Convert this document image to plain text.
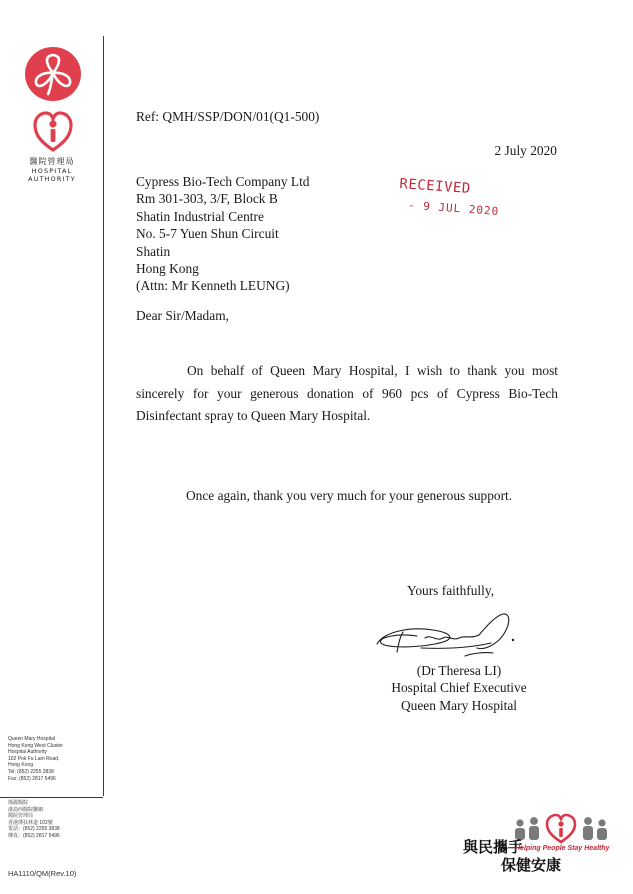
醫院管理局
HOSPITAL
AUTHORITY
Queen Mary Hospital
Hong Kong West Cluster
Hospital Authority
102 Pok Fu Lam Road,
Hong Kong
Tel: (852) 2255 3838
Fax: (852) 2817 5496
瑪麗醫院
港島西醫院聯網
醫院管理局
香港薄扶林道 102號
電話：(852) 2255 3838
傳真：(852) 2817 5496
HA1110/QM(Rev.10)
Ref: QMH/SSP/DON/01(Q1-500)
2 July 2020
Cypress Bio-Tech Company Ltd
Rm 301-303, 3/F, Block B
Shatin Industrial Centre
No. 5-7 Yuen Shun Circuit
Shatin
Hong Kong
(Attn: Mr Kenneth LEUNG)
RECEIVED
- 9 JUL 2020
Dear Sir/Madam,
On behalf of Queen Mary Hospital, I wish to thank you most sincerely for your generous donation of 960 pcs of Cypress Bio-Tech Disinfectant spray to Queen Mary Hospital.
Once again, thank you very much for your generous support.
Yours faithfully,
(Dr Theresa LI)
Hospital Chief Executive
Queen Mary Hospital
與民攜手
保健安康
Helping People Stay Healthy
